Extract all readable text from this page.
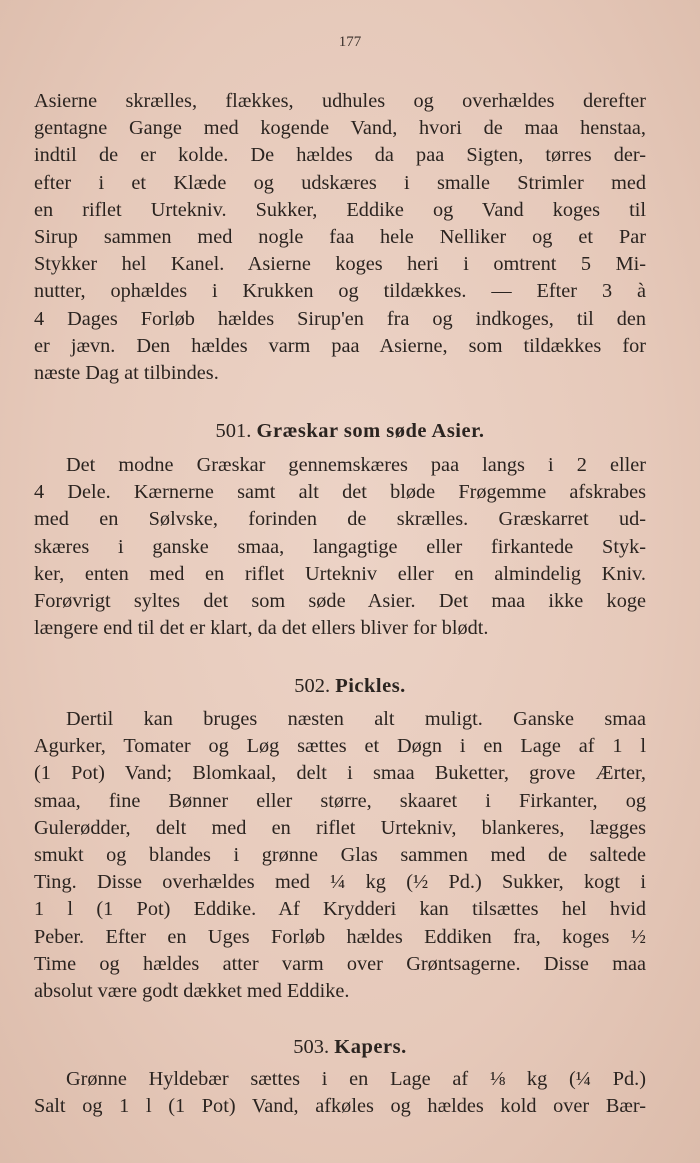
177
Asierne skrælles, flækkes, udhules og overhældes derefter
gentagne Gange med kogende Vand, hvori de maa henstaa,
indtil de er kolde. De hældes da paa Sigten, tørres der-
efter i et Klæde og udskæres i smalle Strimler med
en riflet Urtekniv. Sukker, Eddike og Vand koges til
Sirup sammen med nogle faa hele Nelliker og et Par
Stykker hel Kanel. Asierne koges heri i omtrent 5 Mi-
nutter, ophældes i Krukken og tildækkes. — Efter 3 à
4 Dages Forløb hældes Sirup'en fra og indkoges, til den
er jævn. Den hældes varm paa Asierne, som tildækkes for
næste Dag at tilbindes.
501. Græskar som søde Asier.
Det modne Græskar gennemskæres paa langs i 2 eller
4 Dele. Kærnerne samt alt det bløde Frøgemme afskrabes
med en Sølvske, forinden de skrælles. Græskarret ud-
skæres i ganske smaa, langagtige eller firkantede Styk-
ker, enten med en riflet Urtekniv eller en almindelig Kniv.
Forøvrigt syltes det som søde Asier. Det maa ikke koge
længere end til det er klart, da det ellers bliver for blødt.
502. Pickles.
Dertil kan bruges næsten alt muligt. Ganske smaa
Agurker, Tomater og Løg sættes et Døgn i en Lage af 1 l
(1 Pot) Vand; Blomkaal, delt i smaa Buketter, grove Ærter,
smaa, fine Bønner eller større, skaaret i Firkanter, og
Gulerødder, delt med en riflet Urtekniv, blankeres, lægges
smukt og blandes i grønne Glas sammen med de saltede
Ting. Disse overhældes med ¼ kg (½ Pd.) Sukker, kogt i
1 l (1 Pot) Eddike. Af Krydderi kan tilsættes hel hvid
Peber. Efter en Uges Forløb hældes Eddiken fra, koges ½
Time og hældes atter varm over Grøntsagerne. Disse maa
absolut være godt dækket med Eddike.
503. Kapers.
Grønne Hyldebær sættes i en Lage af ⅛ kg (¼ Pd.)
Salt og 1 l (1 Pot) Vand, afkøles og hældes kold over Bær-
